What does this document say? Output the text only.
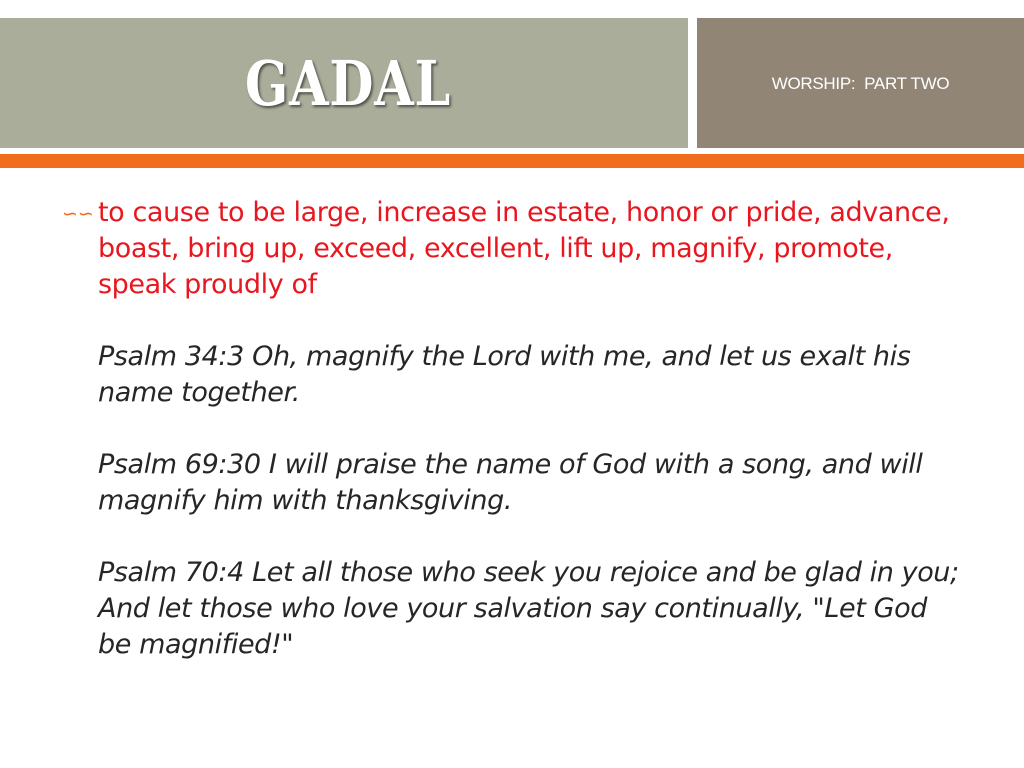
GADAL	WORSHIP:  PART TWO
∽∽ to cause to be large, increase in estate, honor or pride, advance, boast, bring up, exceed, excellent, lift up, magnify, promote, speak proudly of

Psalm 34:3 Oh, magnify the Lord with me, and let us exalt his name together.

Psalm 69:30 I will praise the name of God with a song, and will magnify him with thanksgiving.

Psalm 70:4 Let all those who seek you rejoice and be glad in you; And let those who love your salvation say continually, "Let God be magnified!"
